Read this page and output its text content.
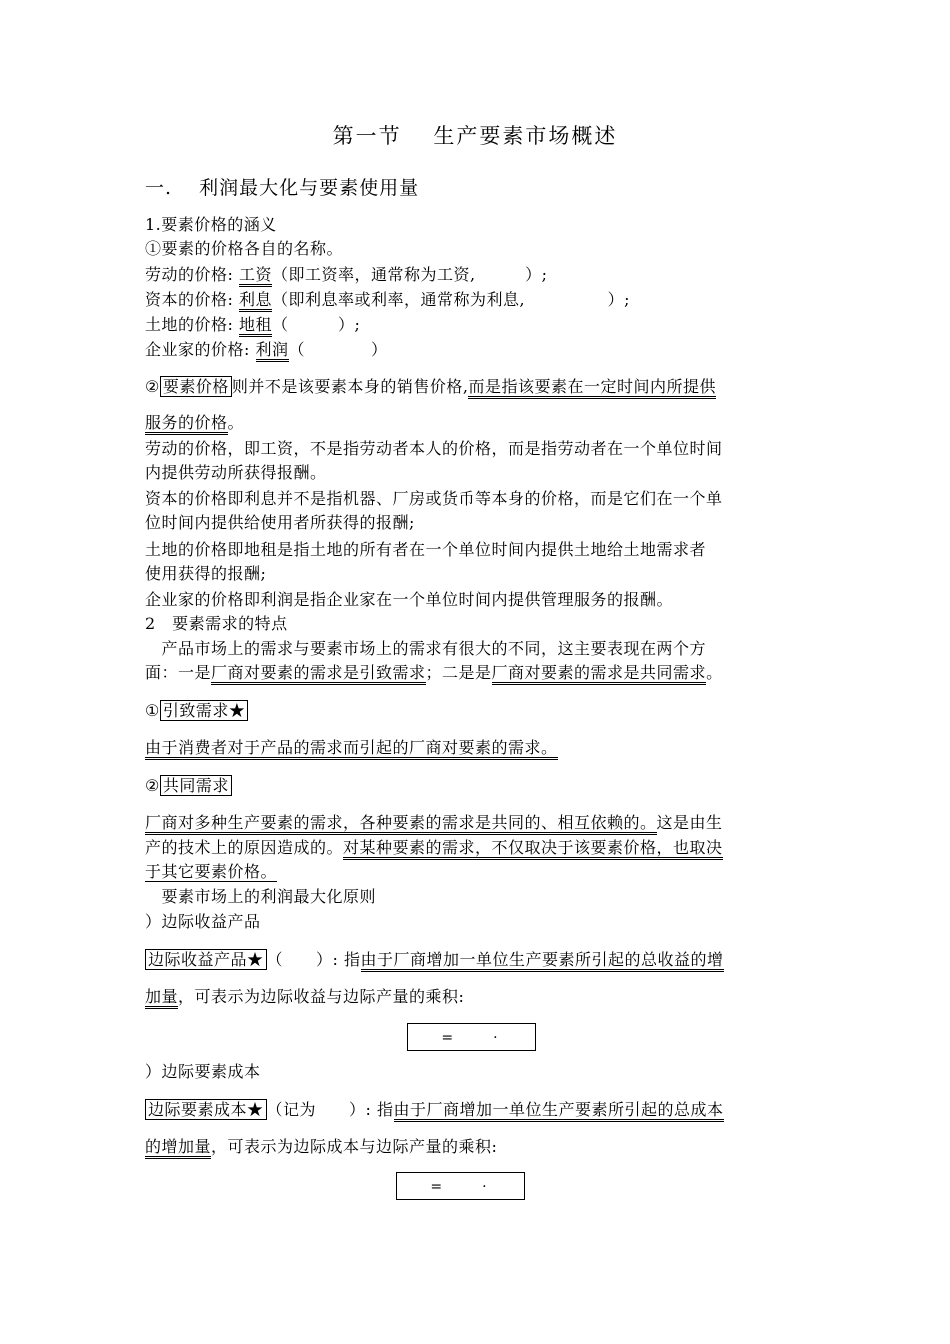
第一节　 生产要素市场概述
一.　 利润最大化与要素使用量
1.要素价格的涵义
①要素的价格各自的名称。
劳动的价格: 工资（即工资率，通常称为工资,　　　）;
资本的价格: 利息（即利息率或利率，通常称为利息,　　　　　）;
土地的价格: 地租（　　　）;
企业家的价格: 利润（　　　　）
② 要素价格 则并不是该要素本身的销售价格,而是指该要素在一定时间内所提供
服务的价格。
劳动的价格，即工资，不是指劳动者本人的价格，而是指劳动者在一个单位时间
内提供劳动所获得报酬。
资本的价格即利息并不是指机器、厂房或货币等本身的价格，而是它们在一个单
位时间内提供给使用者所获得的报酬;
土地的价格即地租是指土地的所有者在一个单位时间内提供土地给土地需求者
使用获得的报酬;
企业家的价格即利润是指企业家在一个单位时间内提供管理服务的报酬。
2　要素需求的特点
　产品市场上的需求与要素市场上的需求有很大的不同，这主要表现在两个方
面：一是厂商对要素的需求是引致需求；二是是厂商对要素的需求是共同需求。
① 引致需求★
由于消费者对于产品的需求而引起的厂商对要素的需求。
② 共同需求
厂商对多种生产要素的需求，各种要素的需求是共同的、相互依赖的。这是由生
产的技术上的原因造成的。对某种要素的需求，不仅取决于该要素价格，也取决
于其它要素价格。
　要素市场上的利润最大化原则
）边际收益产品
边际收益产品★ （　　）: 指由于厂商增加一单位生产要素所引起的总收益的增
加量，可表示为边际收益与边际产量的乘积:
=　　·
）边际要素成本
边际要素成本★ （记为　　）: 指由于厂商增加一单位生产要素所引起的总成本
的增加量，可表示为边际成本与边际产量的乘积:
=　　·
